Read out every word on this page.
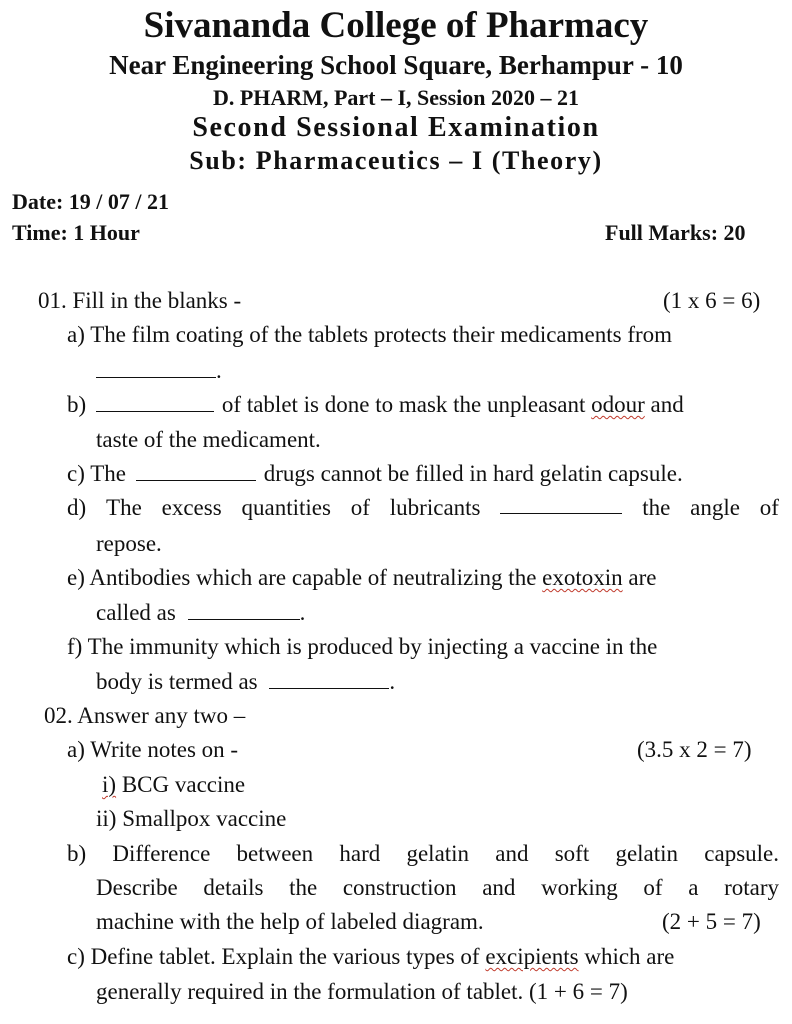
Sivananda College of Pharmacy
Near Engineering School Square, Berhampur - 10
D. PHARM, Part – I, Session 2020 – 21
Second Sessional Examination
Sub: Pharmaceutics – I (Theory)
Date: 19 / 07 / 21
Time: 1 Hour	Full Marks: 20
01. Fill in the blanks -	(1 x 6 = 6)
a) The film coating of the tablets protects their medicaments from
.
b)	of tablet is done to mask the unpleasant odour and
taste of the medicament.
c) The	drugs cannot be filled in hard gelatin capsule.
d) The excess quantities of lubricants	the angle of
repose.
e) Antibodies which are capable of neutralizing the exotoxin are
called as	.
f) The immunity which is produced by injecting a vaccine in the
body is termed as	.
02. Answer any two –
a) Write notes on -	(3.5 x 2 = 7)
i) BCG vaccine
ii) Smallpox vaccine
b) Difference between hard gelatin and soft gelatin capsule.
Describe details the construction and working of a rotary
machine with the help of labeled diagram.	(2 + 5 = 7)
c) Define tablet. Explain the various types of excipients which are
generally required in the formulation of tablet. (1 + 6 = 7)
